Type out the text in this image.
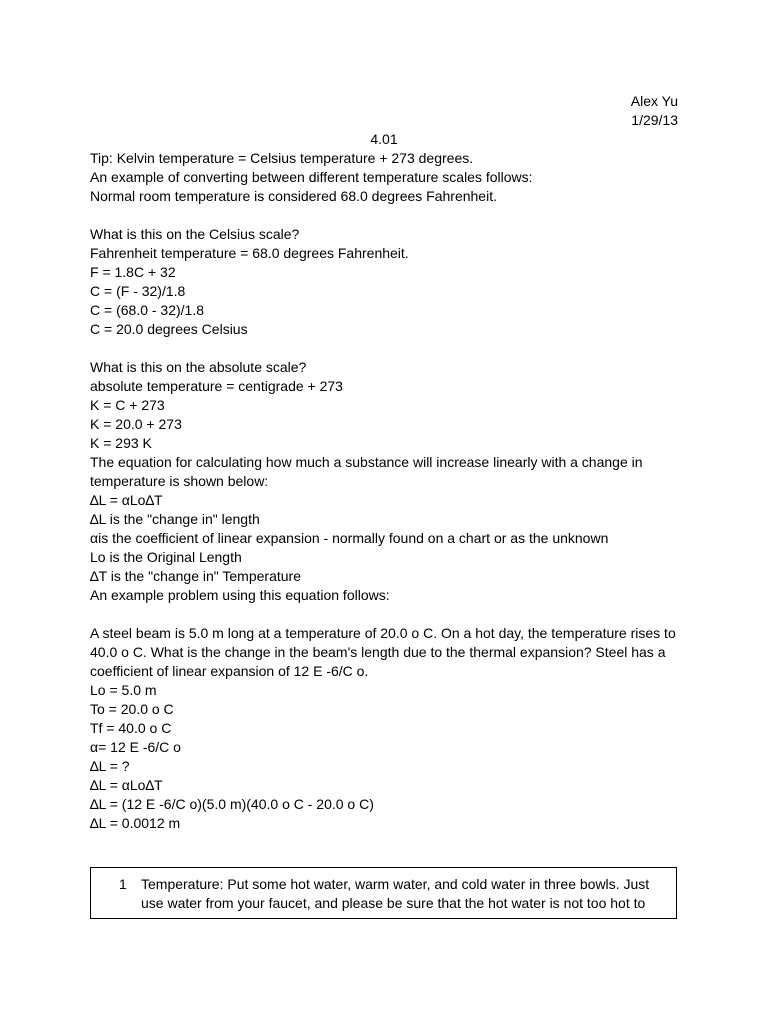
Alex Yu
1/29/13
4.01
Tip: Kelvin temperature = Celsius temperature + 273 degrees.
An example of converting between different temperature scales follows:
Normal room temperature is considered 68.0 degrees Fahrenheit.
What is this on the Celsius scale?
Fahrenheit temperature = 68.0 degrees Fahrenheit.
F = 1.8C + 32
C = (F - 32)/1.8
C = (68.0 - 32)/1.8
C = 20.0 degrees Celsius
What is this on the absolute scale?
absolute temperature = centigrade + 273
K = C + 273
K = 20.0 + 273
K = 293 K
The equation for calculating how much a substance will increase linearly with a change in
temperature is shown below:
∆L = αLo∆T
∆L is the "change in" length
αis the coefficient of linear expansion - normally found on a chart or as the unknown
Lo is the Original Length
∆T is the "change in" Temperature
An example problem using this equation follows:
A steel beam is 5.0 m long at a temperature of 20.0 o C. On a hot day, the temperature rises to
40.0 o C. What is the change in the beam's length due to the thermal expansion? Steel has a
coefficient of linear expansion of 12 E -6/C o.
Lo = 5.0 m
To = 20.0 o C
Tf = 40.0 o C
α= 12 E -6/C o
∆L = ?
∆L = αLo∆T
∆L = (12 E -6/C o)(5.0 m)(40.0 o C - 20.0 o C)
∆L = 0.0012 m
1 Temperature: Put some hot water, warm water, and cold water in three bowls. Just
use water from your faucet, and please be sure that the hot water is not too hot to
